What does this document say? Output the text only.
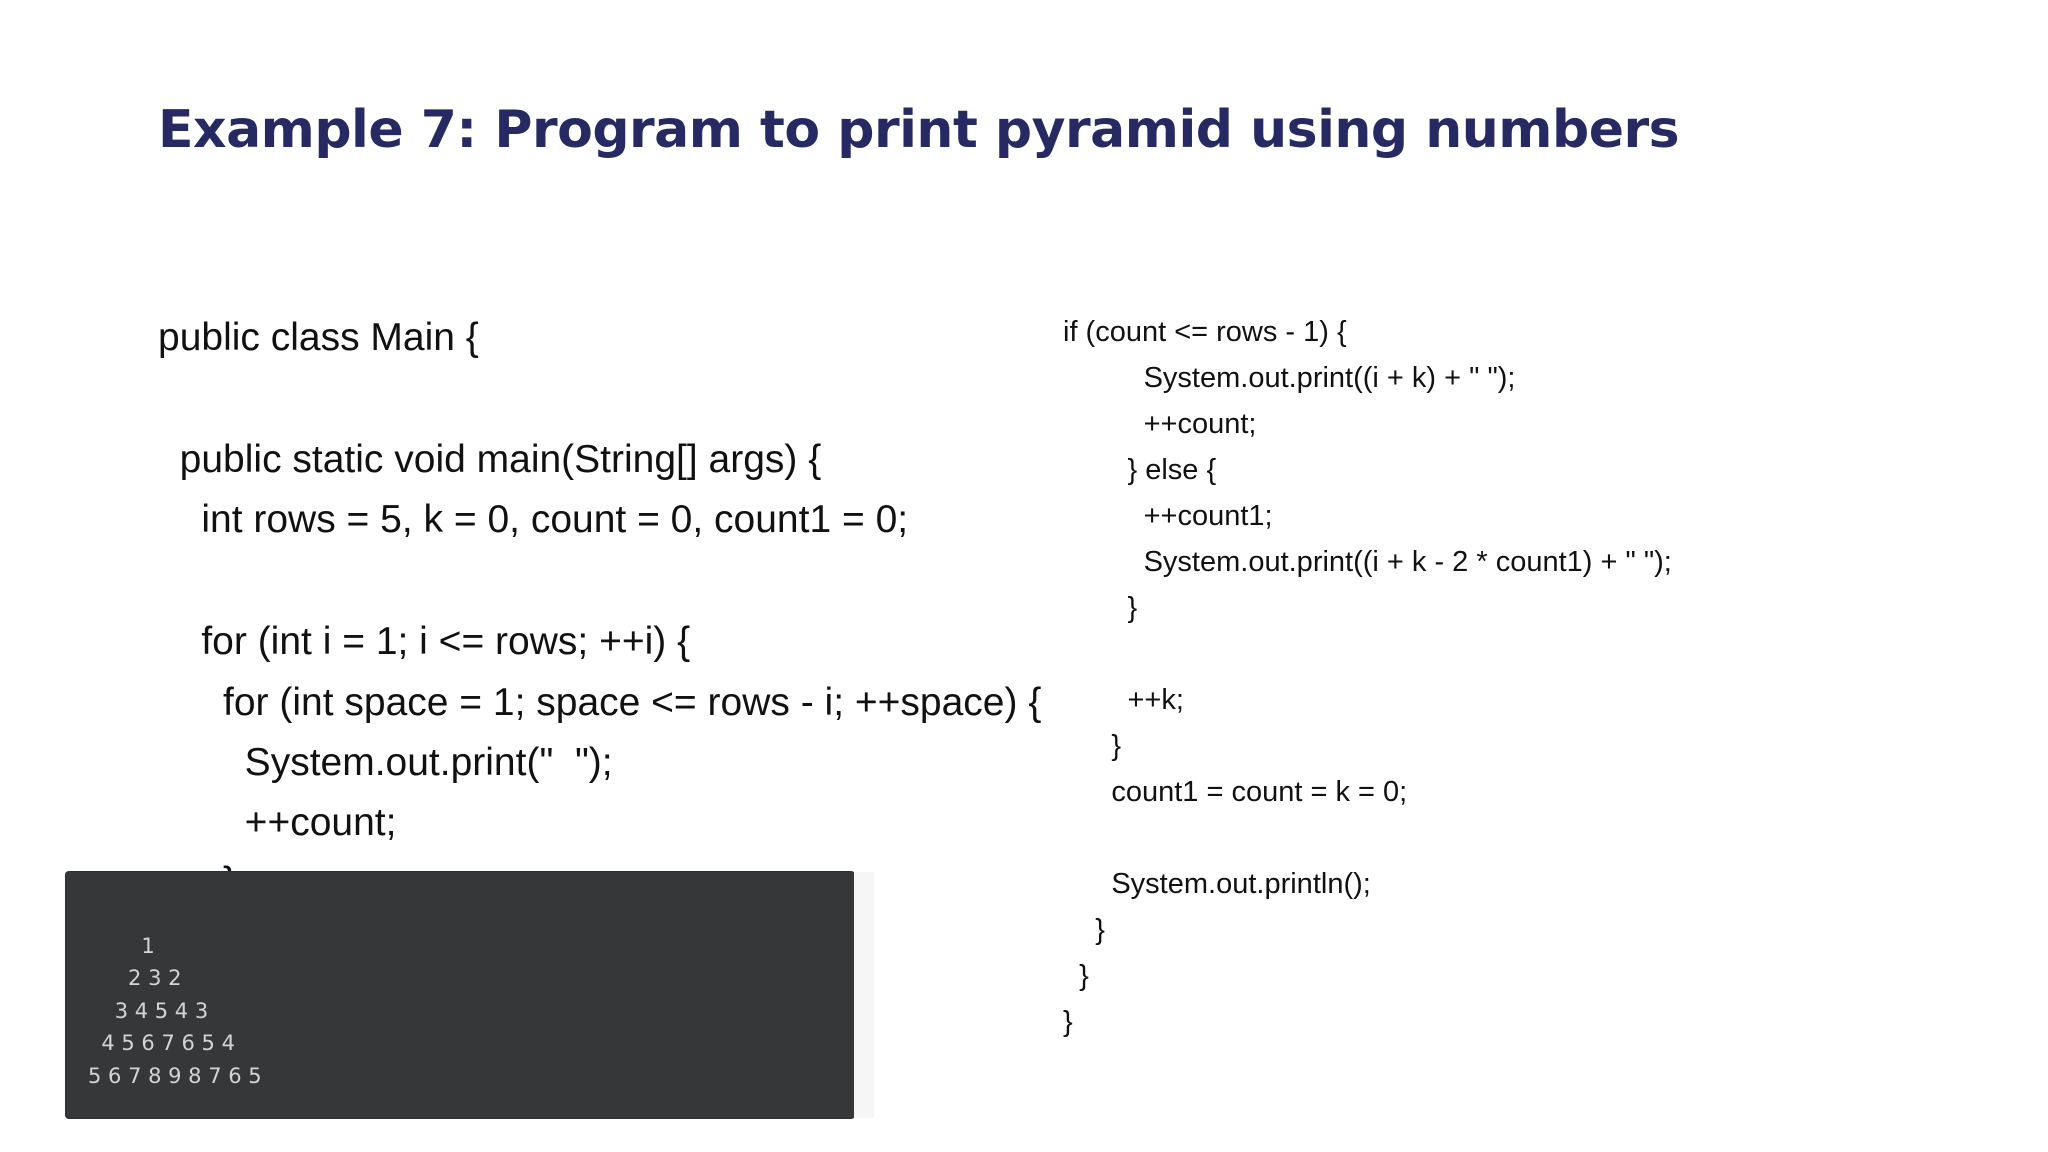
Example 7: Program to print pyramid using numbers
public class Main {
public static void main(String[] args) {
int rows = 5, k = 0, count = 0, count1 = 0;
for (int i = 1; i <= rows; ++i) {
for (int space = 1; space <= rows - i; ++space) {
System.out.print("  ");
++count;
if (count <= rows - 1) {
System.out.print((i + k) + " ");
++count;
} else {
++count1;
System.out.print((i + k - 2 * count1) + " ");
}
++k;
}
count1 = count = k = 0;
System.out.println();
}
}
}
1
2 3 2
3 4 5 4 3
4 5 6 7 6 5 4
5 6 7 8 9 8 7 6 5
